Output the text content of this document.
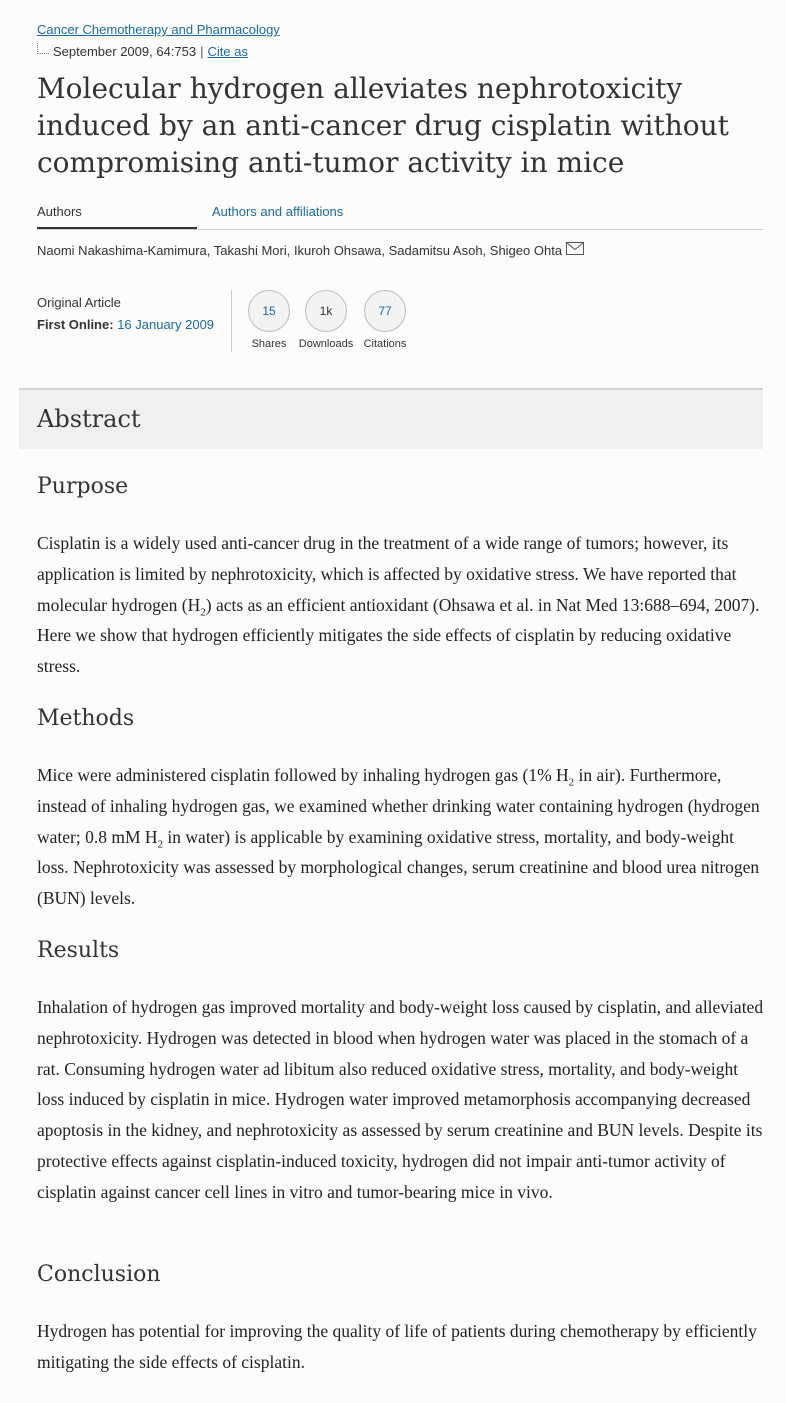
Cancer Chemotherapy and Pharmacology
September 2009, 64:753 | Cite as
Molecular hydrogen alleviates nephrotoxicity induced by an anti-cancer drug cisplatin without compromising anti-tumor activity in mice
Authors	Authors and affiliations
Naomi Nakashima-Kamimura, Takashi Mori, Ikuroh Ohsawa, Sadamitsu Asoh, Shigeo Ohta
Original Article
First Online: 16 January 2009
15
Shares
1k
Downloads
77
Citations
Abstract
Purpose

Cisplatin is a widely used anti-cancer drug in the treatment of a wide range of tumors; however, its application is limited by nephrotoxicity, which is affected by oxidative stress. We have reported that molecular hydrogen $(H_2)$ acts as an efficient antioxidant (Ohsawa et al. in Nat Med 13:688–694, 2007). Here we show that hydrogen efficiently mitigates the side effects of cisplatin by reducing oxidative stress.

Methods

Mice were administered cisplatin followed by inhaling hydrogen gas (1% $H_2$ in air). Furthermore, instead of inhaling hydrogen gas, we examined whether drinking water containing hydrogen (hydrogen water; 0.8 mM $H_2$ in water) is applicable by examining oxidative stress, mortality, and body-weight loss. Nephrotoxicity was assessed by morphological changes, serum creatinine and blood urea nitrogen (BUN) levels.

Results

Inhalation of hydrogen gas improved mortality and body-weight loss caused by cisplatin, and alleviated nephrotoxicity. Hydrogen was detected in blood when hydrogen water was placed in the stomach of a rat. Consuming hydrogen water ad libitum also reduced oxidative stress, mortality, and body-weight loss induced by cisplatin in mice. Hydrogen water improved metamorphosis accompanying decreased apoptosis in the kidney, and nephrotoxicity as assessed by serum creatinine and BUN levels. Despite its protective effects against cisplatin-induced toxicity, hydrogen did not impair anti-tumor activity of cisplatin against cancer cell lines in vitro and tumor-bearing mice in vivo.

Conclusion

Hydrogen has potential for improving the quality of life of patients during chemotherapy by efficiently mitigating the side effects of cisplatin.
